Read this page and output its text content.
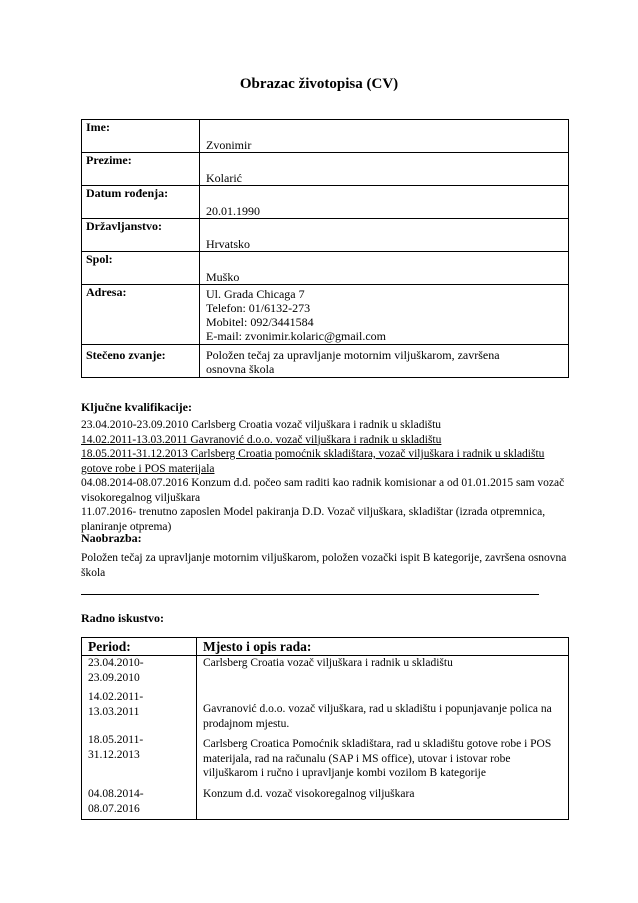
Obrazac životopisa (CV)
Ime:	Zvonimir
Prezime:	Kolarić
Datum rođenja:	20.01.1990
Državljanstvo:	Hrvatsko
Spol:	Muško
Adresa:	Ul. Grada Chicaga 7
Telefon: 01/6132-273
Mobitel: 092/3441584
E-mail: zvonimir.kolaric@gmail.com

Stečeno zvanje:	Položen tečaj za upravljanje motornim viljuškarom, završena
osnovna škola
Ključne kvalifikacije:
23.04.2010-23.09.2010 Carlsberg Croatia vozač viljuškara i radnik u skladištu
14.02.2011-13.03.2011 Gavranović d.o.o. vozač viljuškara i radnik u skladištu
18.05.2011-31.12.2013 Carlsberg Croatia pomoćnik skladištara, vozač viljuškara i radnik u skladištu gotove robe i POS materijala
04.08.2014-08.07.2016 Konzum d.d. počeo sam raditi kao radnik komisionar a od 01.01.2015 sam vozač visokoregalnog viljuškara
11.07.2016- trenutno zaposlen Model pakiranja D.D. Vozač viljuškara, skladištar (izrada otpremnica, planiranje otprema)
Naobrazba:
Položen tečaj za upravljanje motornim viljuškarom, položen vozački ispit B kategorije, završena osnovna škola
Radno iskustvo:
Period:	Mjesto i opis rada:

23.04.2010-
23.09.2010	Carlsberg Croatia vozač viljuškara i radnik u skladištu

14.02.2011-
13.03.2011	Gavranović d.o.o. vozač viljuškara, rad u skladištu i popunjavanje polica na prodajnom mjestu.

18.05.2011-
31.12.2013	Carlsberg Croatica Pomoćnik skladištara, rad u skladištu gotove robe i POS materijala, rad na računalu (SAP i MS office), utovar i istovar robe viljuškarom i ručno i upravljanje kombi vozilom B kategorije

04.08.2014-
08.07.2016	Konzum d.d. vozač visokoregalnog viljuškara
